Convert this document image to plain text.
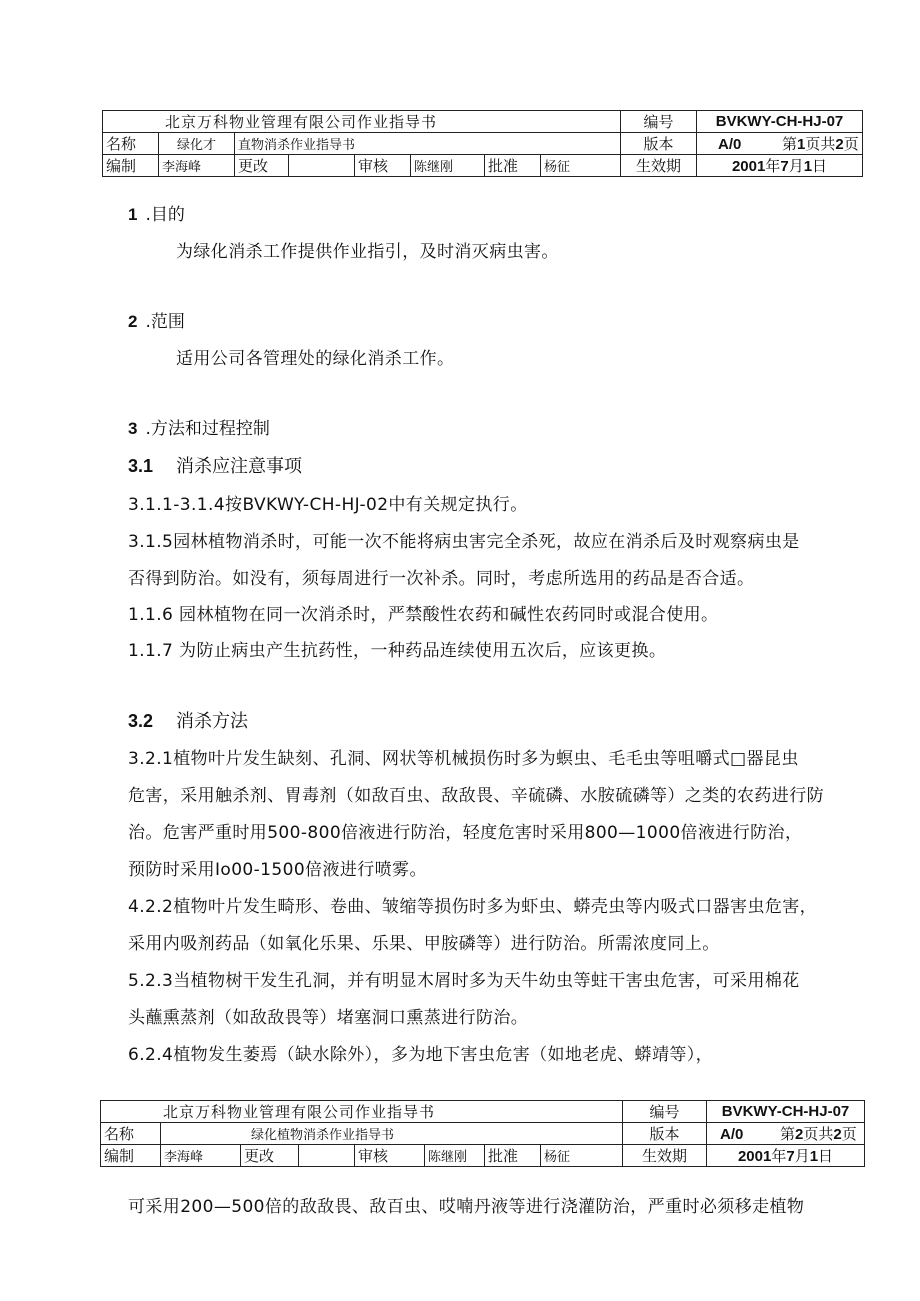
北京万科物业管理有限公司作业指导书								编号	BVKWY-CH-HJ-07
名称	绿化才	直物消杀作业指导书						版本	A/0 第1页共2页
编制	李海峰	更改		审核	陈继刚	批准	杨征	生效期	2001年7月1日
1 .目的
为绿化消杀工作提供作业指引，及时消灭病虫害。
2 .范围
适用公司各管理处的绿化消杀工作。
3 .方法和过程控制
3.1 消杀应注意事项
3.1.1-3.1.4按BVKWY-CH-HJ-02中有关规定执行。
3.1.5园林植物消杀时，可能一次不能将病虫害完全杀死，故应在消杀后及时观察病虫是
否得到防治。如没有，须每周进行一次补杀。同时，考虑所选用的药品是否合适。
1.1.6 园林植物在同一次消杀时，严禁酸性农药和碱性农药同时或混合使用。
1.1.7 为防止病虫产生抗药性，一种药品连续使用五次后，应该更换。
3.2 消杀方法
3.2.1植物叶片发生缺刻、孔洞、网状等机械损伤时多为螟虫、毛毛虫等咀嚼式□器昆虫
危害，采用触杀剂、胃毒剂（如敌百虫、敌敌畏、辛硫磷、水胺硫磷等）之类的农药进行防
治。危害严重时用500-800倍液进行防治，轻度危害时采用800—1000倍液进行防治，
预防时采用Io00-1500倍液进行喷雾。
4.2.2植物叶片发生畸形、卷曲、皱缩等损伤时多为虾虫、蟒壳虫等内吸式口器害虫危害，
采用内吸剂药品（如氧化乐果、乐果、甲胺磷等）进行防治。所需浓度同上。
5.2.3当植物树干发生孔洞，并有明显木屑时多为天牛幼虫等蛀干害虫危害，可采用棉花
头蘸熏蒸剂（如敌敌畏等）堵塞洞口熏蒸进行防治。
6.2.4植物发生萎焉（缺水除外），多为地下害虫危害（如地老虎、蟒靖等），
北京万科物业管理有限公司作业指导书								编号	BVKWY-CH-HJ-07
名称	绿化植物消杀作业指导书							版本	A/0 第2页共2页
编制	李海峰	更改		审核	陈继刚	批准	杨征	生效期	2001年7月1日
可采用200—500倍的敌敌畏、敌百虫、哎喃丹液等进行浇灌防治，严重时必须移走植物
